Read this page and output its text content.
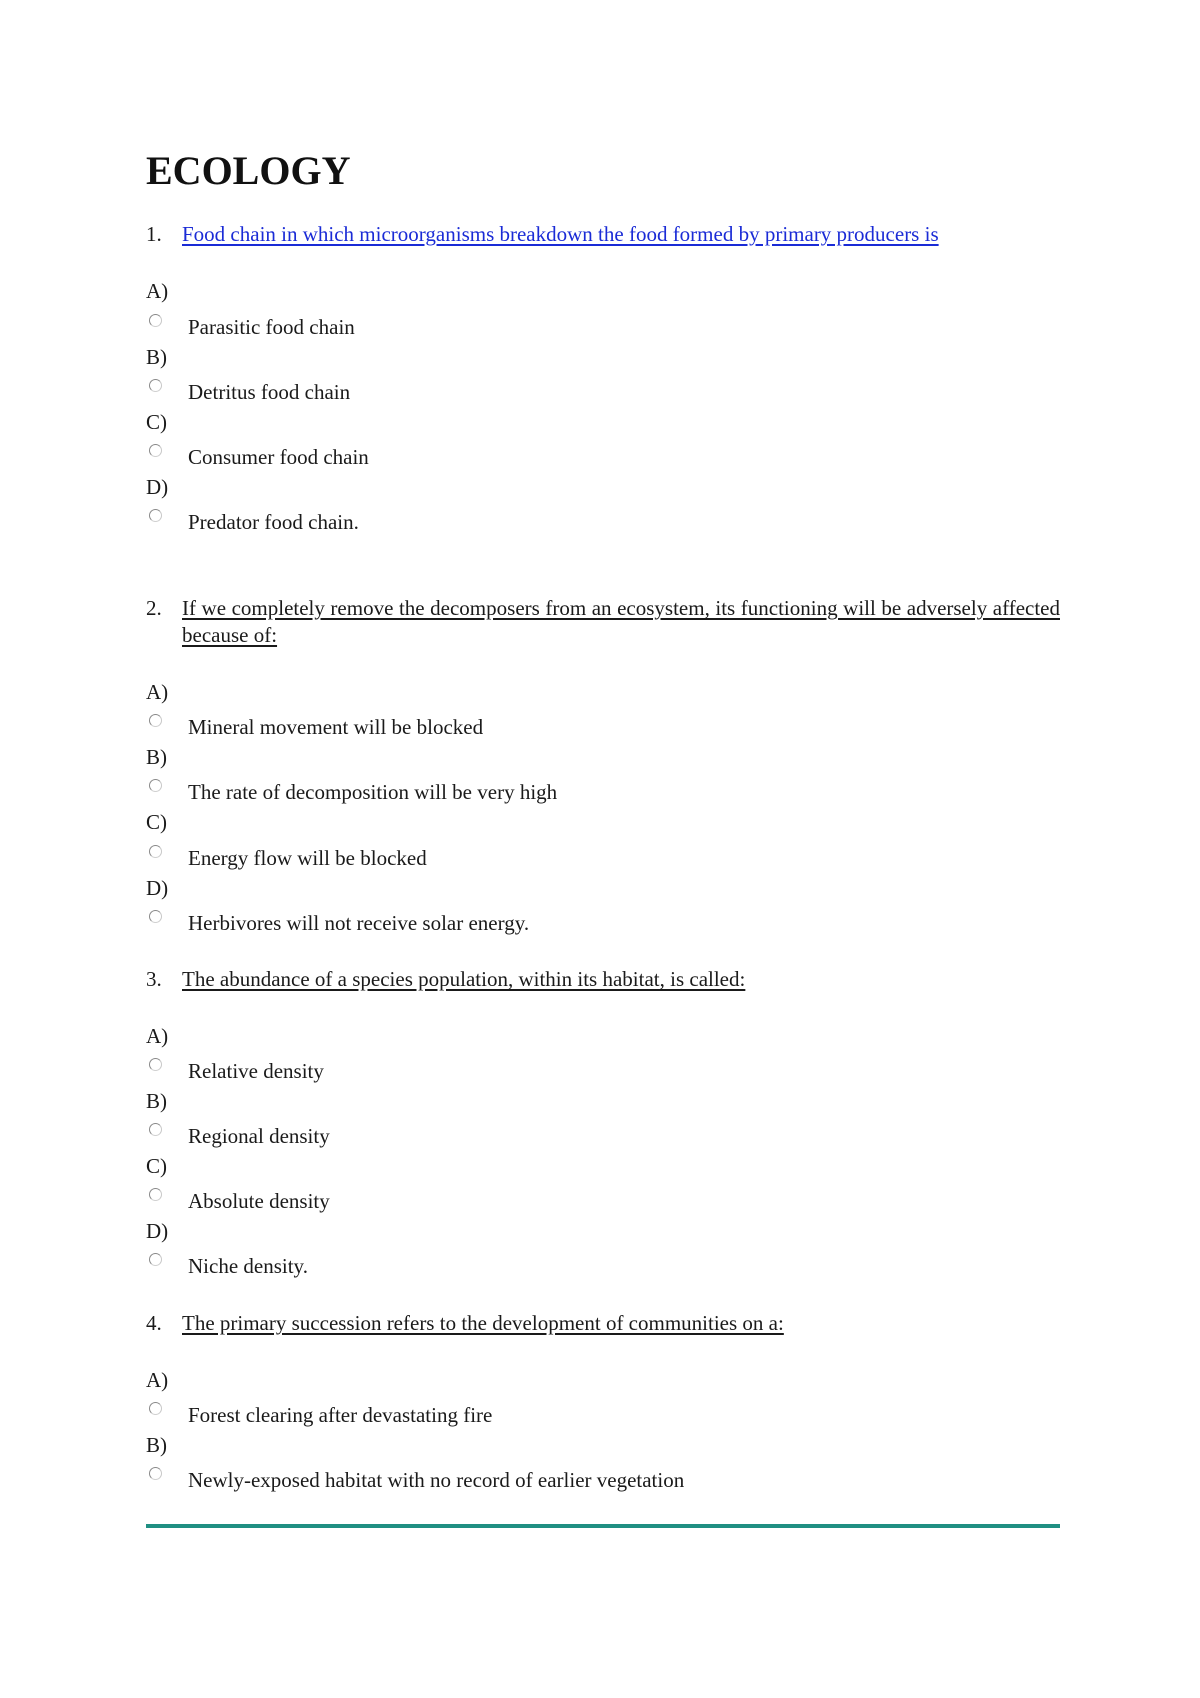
ECOLOGY
1. Food chain in which microorganisms breakdown the food formed by primary producers is
A)
Parasitic food chain
B)
Detritus food chain
C)
Consumer food chain
D)
Predator food chain.
2. If we completely remove the decomposers from an ecosystem, its functioning will be adversely affected because of:
A)
Mineral movement will be blocked
B)
The rate of decomposition will be very high
C)
Energy flow will be blocked
D)
Herbivores will not receive solar energy.
3. The abundance of a species population, within its habitat, is called:
A)
Relative density
B)
Regional density
C)
Absolute density
D)
Niche density.
4. The primary succession refers to the development of communities on a:
A)
Forest clearing after devastating fire
B)
Newly-exposed habitat with no record of earlier vegetation
